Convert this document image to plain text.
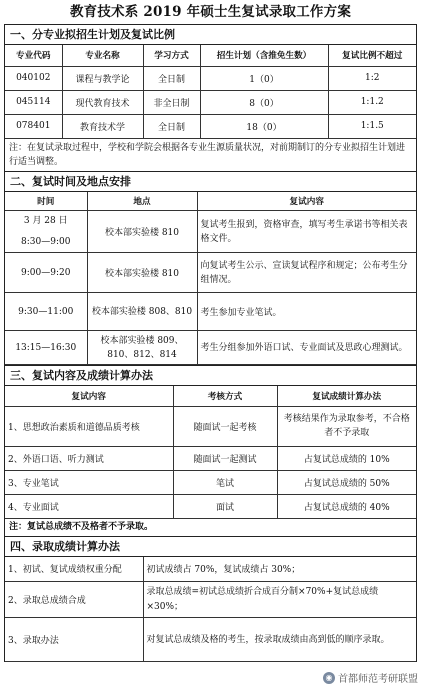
教育技术系 2019 年硕士生复试录取工作方案
一、分专业拟招生计划及复试比例
专业代码	专业名称	学习方式	招生计划（含推免生数）	复试比例不超过
040102	课程与教学论	全日制	1（0）	1:2
045114	现代教育技术	非全日制	8（0）	1:1.2
078401	教育技术学	全日制	18（0）	1:1.5
注：在复试录取过程中，学校和学院会根据各专业生源质量状况，对前期制订的分专业拟招生计划进行适当调整。
二、复试时间及地点安排
时间	地点	复试内容

3 月 28 日
8:30—9:00	校本部实验楼 810	复试考生报到，资格审查，填写考生承诺书等相关表格文件。
9:00—9:20	校本部实验楼 810	向复试考生公示、宣读复试程序和规定；公布考生分组情况。
9:30—11:00	校本部实验楼 808、810	考生参加专业笔试。
13:15—16:30	校本部实验楼 809、810、812、814	考生分组参加外语口试、专业面试及思政心理测试。
三、复试内容及成绩计算办法
复试内容	考核方式	复试成绩计算办法
1、思想政治素质和道德品质考核	随面试一起考核	考核结果作为录取参考，不合格者不予录取
2、外语口语、听力测试	随面试一起测试	占复试总成绩的 10%
3、专业笔试	笔试	占复试总成绩的 50%
4、专业面试	面试	占复试总成绩的 40%
注：复试总成绩不及格者不予录取。
四、录取成绩计算办法
1、初试、复试成绩权重分配	初试成绩占 70%，复试成绩占 30%；
2、录取总成绩合成	录取总成绩=初试总成绩折合成百分制×70%+复试总成绩×30%；
3、录取办法	对复试总成绩及格的考生，按录取成绩由高到低的顺序录取。
◉ 首都师范考研联盟
